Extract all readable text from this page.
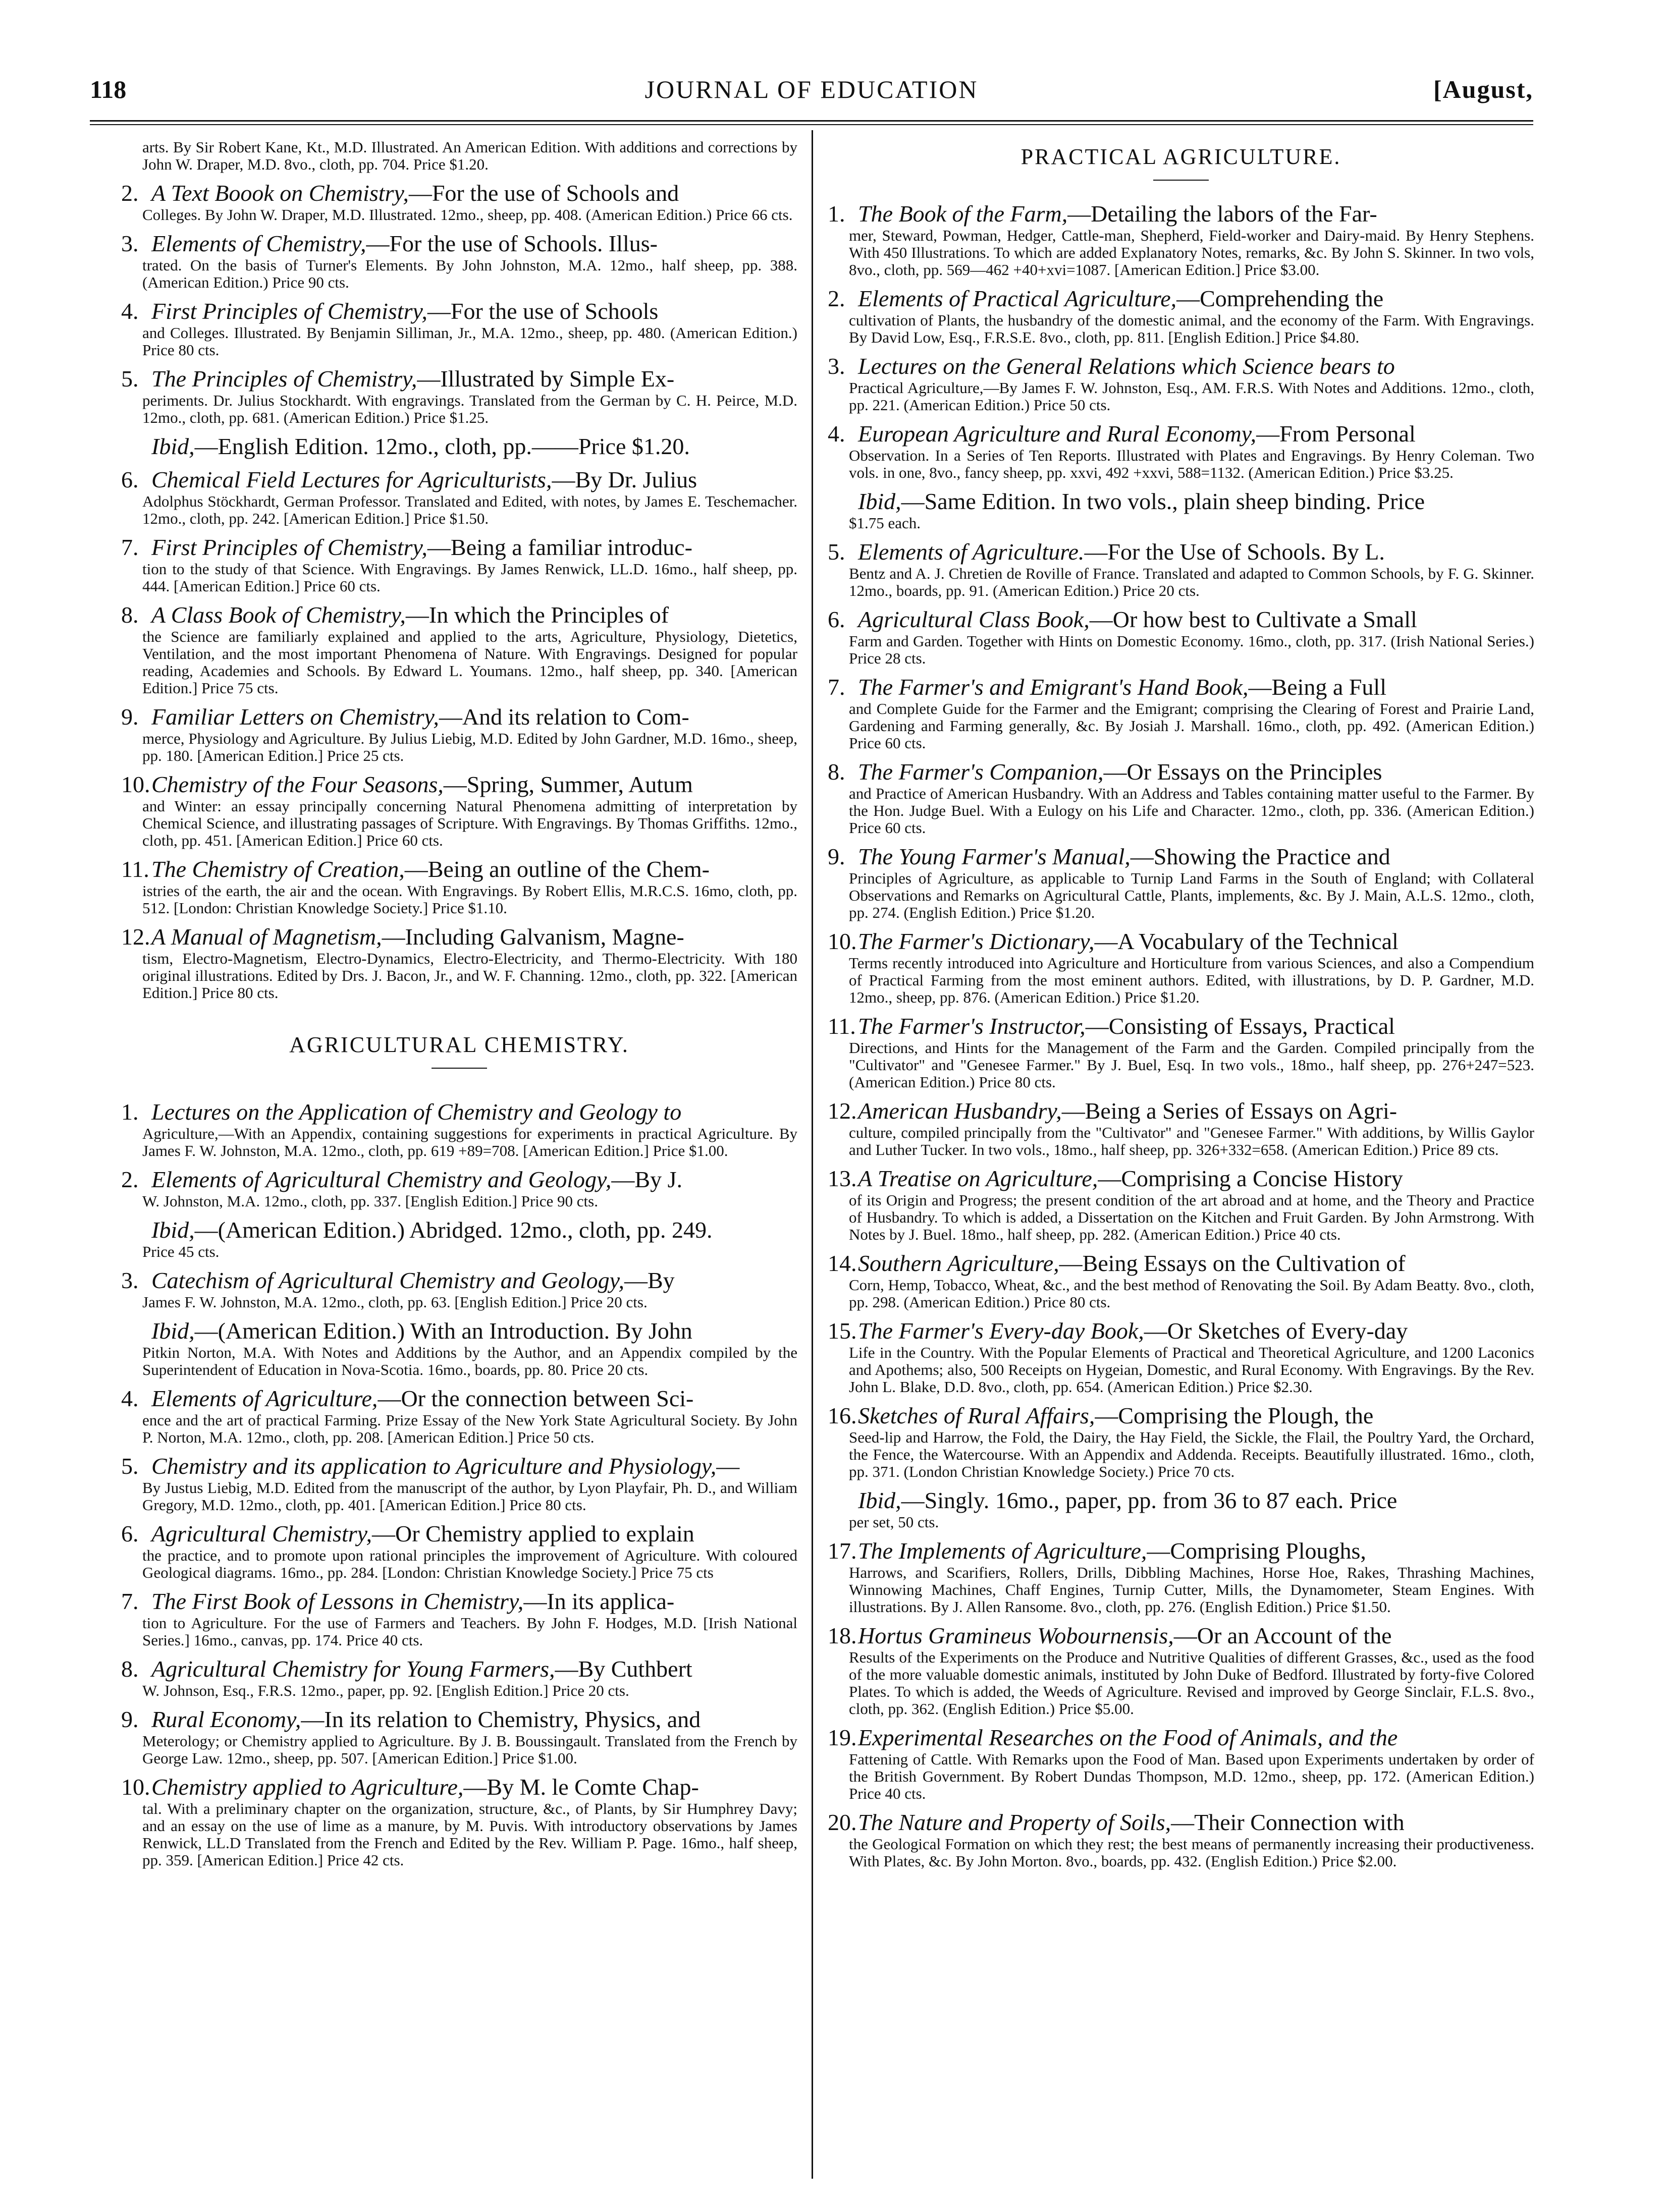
118	JOURNAL OF EDUCATION	[August,
arts. By Sir Robert Kane, Kt., M.D. Illustrated. An American Edition. With additions and corrections by John W. Draper, M.D. 8vo., cloth, pp. 704. Price $1.20.
2. A Text Boook on Chemistry,—For the use of Schools and
Colleges. By John W. Draper, M.D. Illustrated. 12mo., sheep, pp. 408. (American Edition.) Price 66 cts.
3. Elements of Chemistry,—For the use of Schools. Illus-
trated. On the basis of Turner's Elements. By John Johnston, M.A. 12mo., half sheep, pp. 388. (American Edition.) Price 90 cts.
4. First Principles of Chemistry,—For the use of Schools
and Colleges. Illustrated. By Benjamin Silliman, Jr., M.A. 12mo., sheep, pp. 480. (American Edition.) Price 80 cts.
5. The Principles of Chemistry,—Illustrated by Simple Ex-
periments. Dr. Julius Stockhardt. With engravings. Translated from the German by C. H. Peirce, M.D. 12mo., cloth, pp. 681. (American Edition.) Price $1.25.
Ibid,—English Edition. 12mo., cloth, pp.——Price $1.20.
6. Chemical Field Lectures for Agriculturists,—By Dr. Julius
Adolphus Stöckhardt, German Professor. Translated and Edited, with notes, by James E. Teschemacher. 12mo., cloth, pp. 242. [American Edition.] Price $1.50.
7. First Principles of Chemistry,—Being a familiar introduc-
tion to the study of that Science. With Engravings. By James Renwick, LL.D. 16mo., half sheep, pp. 444. [American Edition.] Price 60 cts.
8. A Class Book of Chemistry,—In which the Principles of
the Science are familiarly explained and applied to the arts, Agriculture, Physiology, Dietetics, Ventilation, and the most important Phenomena of Nature. With Engravings. Designed for popular reading, Academies and Schools. By Edward L. Youmans. 12mo., half sheep, pp. 340. [American Edition.] Price 75 cts.
9. Familiar Letters on Chemistry,—And its relation to Com-
merce, Physiology and Agriculture. By Julius Liebig, M.D. Edited by John Gardner, M.D. 16mo., sheep, pp. 180. [American Edition.] Price 25 cts.
10.Chemistry of the Four Seasons,—Spring, Summer, Autum
and Winter: an essay principally concerning Natural Phenomena admitting of interpretation by Chemical Science, and illustrating passages of Scripture. With Engravings. By Thomas Griffiths. 12mo., cloth, pp. 451. [American Edition.] Price 60 cts.
11.The Chemistry of Creation,—Being an outline of the Chem-
istries of the earth, the air and the ocean. With Engravings. By Robert Ellis, M.R.C.S. 16mo, cloth, pp. 512. [London: Christian Knowledge Society.] Price $1.10.
12.A Manual of Magnetism,—Including Galvanism, Magne-
tism, Electro-Magnetism, Electro-Dynamics, Electro-Electricity, and Thermo-Electricity. With 180 original illustrations. Edited by Drs. J. Bacon, Jr., and W. F. Channing. 12mo., cloth, pp. 322. [American Edition.] Price 80 cts.
AGRICULTURAL CHEMISTRY.
1. Lectures on the Application of Chemistry and Geology to
Agriculture,—With an Appendix, containing suggestions for experiments in practical Agriculture. By James F. W. Johnston, M.A. 12mo., cloth, pp. 619 +89=708. [American Edition.] Price $1.00.
2. Elements of Agricultural Chemistry and Geology,—By J.
W. Johnston, M.A. 12mo., cloth, pp. 337. [English Edition.] Price 90 cts.
Ibid,—(American Edition.) Abridged. 12mo., cloth, pp. 249.
Price 45 cts.
3. Catechism of Agricultural Chemistry and Geology,—By
James F. W. Johnston, M.A. 12mo., cloth, pp. 63. [English Edition.] Price 20 cts.
Ibid,—(American Edition.) With an Introduction. By John
Pitkin Norton, M.A. With Notes and Additions by the Author, and an Appendix compiled by the Superintendent of Education in Nova-Scotia. 16mo., boards, pp. 80. Price 20 cts.
4. Elements of Agriculture,—Or the connection between Sci-
ence and the art of practical Farming. Prize Essay of the New York State Agricultural Society. By John P. Norton, M.A. 12mo., cloth, pp. 208. [American Edition.] Price 50 cts.
5. Chemistry and its application to Agriculture and Physiology,—
By Justus Liebig, M.D. Edited from the manuscript of the author, by Lyon Playfair, Ph. D., and William Gregory, M.D. 12mo., cloth, pp. 401. [American Edition.] Price 80 cts.
6. Agricultural Chemistry,—Or Chemistry applied to explain
the practice, and to promote upon rational principles the improvement of Agriculture. With coloured Geological diagrams. 16mo., pp. 284. [London: Christian Knowledge Society.] Price 75 cts
7. The First Book of Lessons in Chemistry,—In its applica-
tion to Agriculture. For the use of Farmers and Teachers. By John F. Hodges, M.D. [Irish National Series.] 16mo., canvas, pp. 174. Price 40 cts.
8. Agricultural Chemistry for Young Farmers,—By Cuthbert
W. Johnson, Esq., F.R.S. 12mo., paper, pp. 92. [English Edition.] Price 20 cts.
9. Rural Economy,—In its relation to Chemistry, Physics, and
Meterology; or Chemistry applied to Agriculture. By J. B. Boussingault. Translated from the French by George Law. 12mo., sheep, pp. 507. [American Edition.] Price $1.00.
10.Chemistry applied to Agriculture,—By M. le Comte Chap-
tal. With a preliminary chapter on the organization, structure, &c., of Plants, by Sir Humphrey Davy; and an essay on the use of lime as a manure, by M. Puvis. With introductory observations by James Renwick, LL.D Translated from the French and Edited by the Rev. William P. Page. 16mo., half sheep, pp. 359. [American Edition.] Price 42 cts.
PRACTICAL AGRICULTURE.
1. The Book of the Farm,—Detailing the labors of the Far-
mer, Steward, Powman, Hedger, Cattle-man, Shepherd, Field-worker and Dairy-maid. By Henry Stephens. With 450 Illustrations. To which are added Explanatory Notes, remarks, &c. By John S. Skinner. In two vols, 8vo., cloth, pp. 569—462 +40+xvi=1087. [American Edition.] Price $3.00.
2. Elements of Practical Agriculture,—Comprehending the
cultivation of Plants, the husbandry of the domestic animal, and the economy of the Farm. With Engravings. By David Low, Esq., F.R.S.E. 8vo., cloth, pp. 811. [English Edition.] Price $4.80.
3. Lectures on the General Relations which Science bears to
Practical Agriculture,—By James F. W. Johnston, Esq., AM. F.R.S. With Notes and Additions. 12mo., cloth, pp. 221. (American Edition.) Price 50 cts.
4. European Agriculture and Rural Economy,—From Personal
Observation. In a Series of Ten Reports. Illustrated with Plates and Engravings. By Henry Coleman. Two vols. in one, 8vo., fancy sheep, pp. xxvi, 492 +xxvi, 588=1132. (American Edition.) Price $3.25.
Ibid,—Same Edition. In two vols., plain sheep binding. Price
$1.75 each.
5. Elements of Agriculture.—For the Use of Schools. By L.
Bentz and A. J. Chretien de Roville of France. Translated and adapted to Common Schools, by F. G. Skinner. 12mo., boards, pp. 91. (American Edition.) Price 20 cts.
6. Agricultural Class Book,—Or how best to Cultivate a Small
Farm and Garden. Together with Hints on Domestic Economy. 16mo., cloth, pp. 317. (Irish National Series.) Price 28 cts.
7. The Farmer's and Emigrant's Hand Book,—Being a Full
and Complete Guide for the Farmer and the Emigrant; comprising the Clearing of Forest and Prairie Land, Gardening and Farming generally, &c. By Josiah J. Marshall. 16mo., cloth, pp. 492. (American Edition.) Price 60 cts.
8. The Farmer's Companion,—Or Essays on the Principles
and Practice of American Husbandry. With an Address and Tables containing matter useful to the Farmer. By the Hon. Judge Buel. With a Eulogy on his Life and Character. 12mo., cloth, pp. 336. (American Edition.) Price 60 cts.
9. The Young Farmer's Manual,—Showing the Practice and
Principles of Agriculture, as applicable to Turnip Land Farms in the South of England; with Collateral Observations and Remarks on Agricultural Cattle, Plants, implements, &c. By J. Main, A.L.S. 12mo., cloth, pp. 274. (English Edition.) Price $1.20.
10.The Farmer's Dictionary,—A Vocabulary of the Technical
Terms recently introduced into Agriculture and Horticulture from various Sciences, and also a Compendium of Practical Farming from the most eminent authors. Edited, with illustrations, by D. P. Gardner, M.D. 12mo., sheep, pp. 876. (American Edition.) Price $1.20.
11.The Farmer's Instructor,—Consisting of Essays, Practical
Directions, and Hints for the Management of the Farm and the Garden. Compiled principally from the "Cultivator" and "Genesee Farmer." By J. Buel, Esq. In two vols., 18mo., half sheep, pp. 276+247=523. (American Edition.) Price 80 cts.
12.American Husbandry,—Being a Series of Essays on Agri-
culture, compiled principally from the "Cultivator" and "Genesee Farmer." With additions, by Willis Gaylor and Luther Tucker. In two vols., 18mo., half sheep, pp. 326+332=658. (American Edition.) Price 89 cts.
13.A Treatise on Agriculture,—Comprising a Concise History
of its Origin and Progress; the present condition of the art abroad and at home, and the Theory and Practice of Husbandry. To which is added, a Dissertation on the Kitchen and Fruit Garden. By John Armstrong. With Notes by J. Buel. 18mo., half sheep, pp. 282. (American Edition.) Price 40 cts.
14.Southern Agriculture,—Being Essays on the Cultivation of
Corn, Hemp, Tobacco, Wheat, &c., and the best method of Renovating the Soil. By Adam Beatty. 8vo., cloth, pp. 298. (American Edition.) Price 80 cts.
15.The Farmer's Every-day Book,—Or Sketches of Every-day
Life in the Country. With the Popular Elements of Practical and Theoretical Agriculture, and 1200 Laconics and Apothems; also, 500 Receipts on Hygeian, Domestic, and Rural Economy. With Engravings. By the Rev. John L. Blake, D.D. 8vo., cloth, pp. 654. (American Edition.) Price $2.30.
16.Sketches of Rural Affairs,—Comprising the Plough, the
Seed-lip and Harrow, the Fold, the Dairy, the Hay Field, the Sickle, the Flail, the Poultry Yard, the Orchard, the Fence, the Watercourse. With an Appendix and Addenda. Receipts. Beautifully illustrated. 16mo., cloth, pp. 371. (London Christian Knowledge Society.) Price 70 cts.
Ibid,—Singly. 16mo., paper, pp. from 36 to 87 each. Price
per set, 50 cts.
17.The Implements of Agriculture,—Comprising Ploughs,
Harrows, and Scarifiers, Rollers, Drills, Dibbling Machines, Horse Hoe, Rakes, Thrashing Machines, Winnowing Machines, Chaff Engines, Turnip Cutter, Mills, the Dynamometer, Steam Engines. With illustrations. By J. Allen Ransome. 8vo., cloth, pp. 276. (English Edition.) Price $1.50.
18.Hortus Gramineus Wobournensis,—Or an Account of the
Results of the Experiments on the Produce and Nutritive Qualities of different Grasses, &c., used as the food of the more valuable domestic animals, instituted by John Duke of Bedford. Illustrated by forty-five Colored Plates. To which is added, the Weeds of Agriculture. Revised and improved by George Sinclair, F.L.S. 8vo., cloth, pp. 362. (English Edition.) Price $5.00.
19.Experimental Researches on the Food of Animals, and the
Fattening of Cattle. With Remarks upon the Food of Man. Based upon Experiments undertaken by order of the British Government. By Robert Dundas Thompson, M.D. 12mo., sheep, pp. 172. (American Edition.) Price 40 cts.
20.The Nature and Property of Soils,—Their Connection with
the Geological Formation on which they rest; the best means of permanently increasing their productiveness. With Plates, &c. By John Morton. 8vo., boards, pp. 432. (English Edition.) Price $2.00.
